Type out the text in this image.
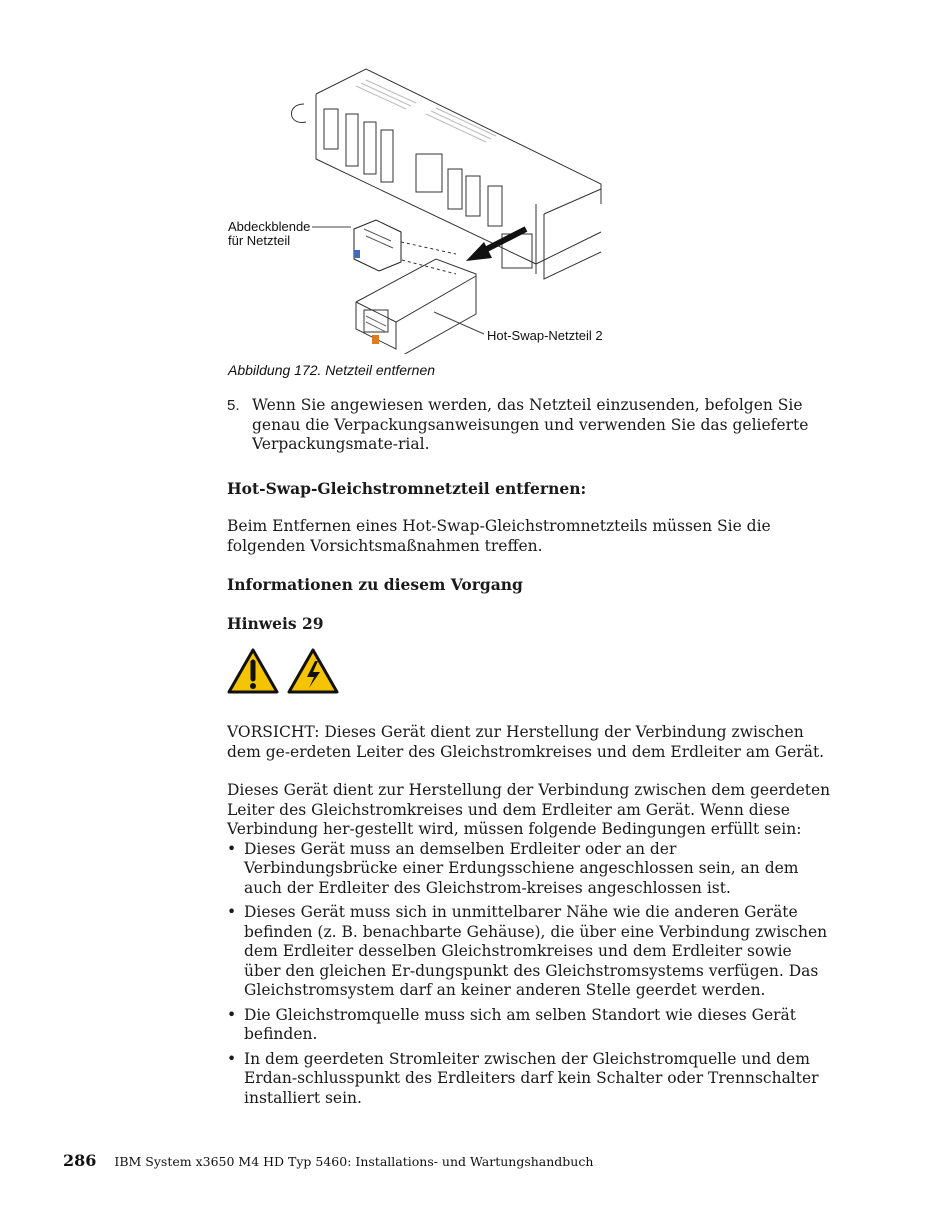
Abdeckblende
für Netzteil
Hot-Swap-Netzteil 2
Abbildung 172. Netzteil entfernen
5. Wenn Sie angewiesen werden, das Netzteil einzusenden, befolgen Sie genau die Verpackungsanweisungen und verwenden Sie das gelieferte Verpackungsmate-rial.

Hot-Swap-Gleichstromnetzteil entfernen:

Beim Entfernen eines Hot-Swap-Gleichstromnetzteils müssen Sie die folgenden Vorsichtsmaßnahmen treffen.

Informationen zu diesem Vorgang

Hinweis 29

VORSICHT: Dieses Gerät dient zur Herstellung der Verbindung zwischen dem ge-erdeten Leiter des Gleichstromkreises und dem Erdleiter am Gerät.

Dieses Gerät dient zur Herstellung der Verbindung zwischen dem geerdeten Leiter des Gleichstromkreises und dem Erdleiter am Gerät. Wenn diese Verbindung her-gestellt wird, müssen folgende Bedingungen erfüllt sein:

• Dieses Gerät muss an demselben Erdleiter oder an der Verbindungsbrücke einer Erdungsschiene angeschlossen sein, an dem auch der Erdleiter des Gleichstrom-kreises angeschlossen ist.
• Dieses Gerät muss sich in unmittelbarer Nähe wie die anderen Geräte befinden (z. B. benachbarte Gehäuse), die über eine Verbindung zwischen dem Erdleiter desselben Gleichstromkreises und dem Erdleiter sowie über den gleichen Er-dungspunkt des Gleichstromsystems verfügen. Das Gleichstromsystem darf an keiner anderen Stelle geerdet werden.
• Die Gleichstromquelle muss sich am selben Standort wie dieses Gerät befinden.
• In dem geerdeten Stromleiter zwischen der Gleichstromquelle und dem Erdan-schlusspunkt des Erdleiters darf kein Schalter oder Trennschalter installiert sein.
286 IBM System x3650 M4 HD Typ 5460: Installations- und Wartungshandbuch
